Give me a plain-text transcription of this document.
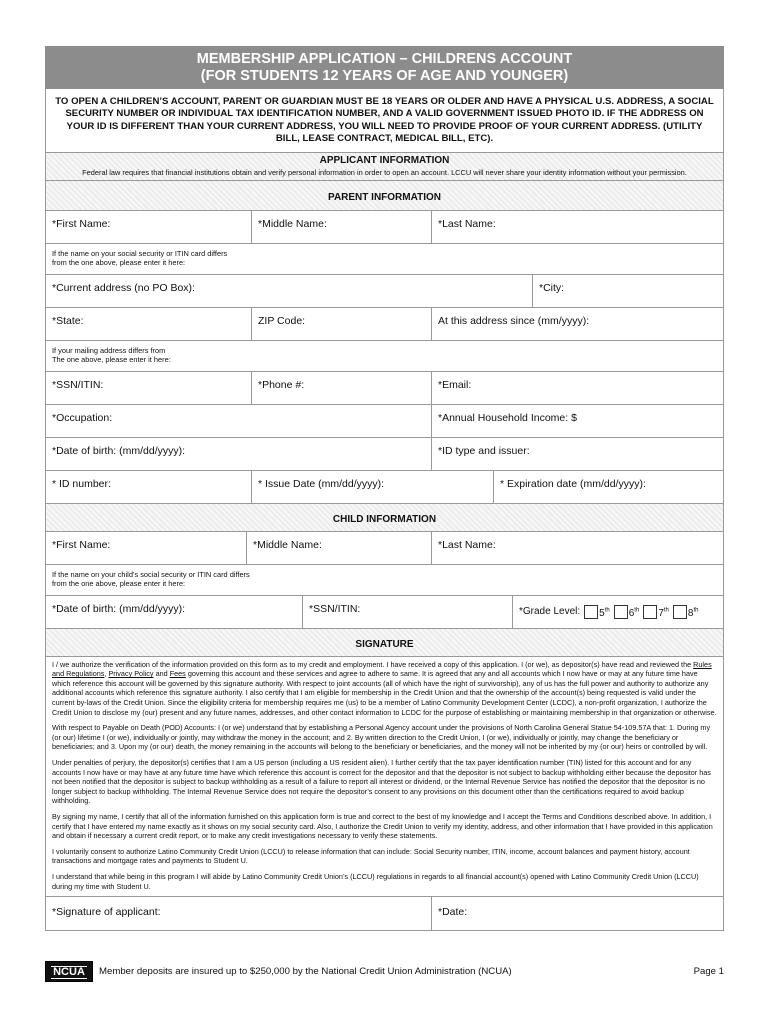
MEMBERSHIP APPLICATION – CHILDRENS ACCOUNT
(FOR STUDENTS 12 YEARS OF AGE AND YOUNGER)
TO OPEN A CHILDREN’S ACCOUNT, PARENT OR GUARDIAN MUST BE 18 YEARS OR OLDER AND HAVE A PHYSICAL U.S. ADDRESS, A SOCIAL SECURITY NUMBER OR INDIVIDUAL TAX IDENTIFICATION NUMBER, AND A VALID GOVERNMENT ISSUED PHOTO ID. IF THE ADDRESS ON YOUR ID IS DIFFERENT THAN YOUR CURRENT ADDRESS, YOU WILL NEED TO PROVIDE PROOF OF YOUR CURRENT ADDRESS. (UTILITY BILL, LEASE CONTRACT, MEDICAL BILL, ETC).
APPLICANT INFORMATION
Federal law requires that financial institutions obtain and verify personal information in order to open an account. LCCU will never share your identity information without your permission.
PARENT INFORMATION
*First Name:	*Middle Name:	*Last Name:
If the name on your social security or ITIN card differs
from the one above, please enter it here:
*Current address (no PO Box):	*City:
*State:	ZIP Code:	At this address since (mm/yyyy):
If your mailing address differs from
The one above, please enter it here:
*SSN/ITIN:	*Phone #:	*Email:
*Occupation:	*Annual Household Income: $
*Date of birth: (mm/dd/yyyy):	*ID type and issuer:
* ID number:	* Issue Date (mm/dd/yyyy):	* Expiration date (mm/dd/yyyy):
CHILD INFORMATION
*First Name:	*Middle Name:	*Last Name:
If the name on your child’s social security or ITIN card differs
from the one above, please enter it here:
*Date of birth: (mm/dd/yyyy):	*SSN/ITIN:	*Grade Level:	5th	6th	7th	8th
SIGNATURE

I / we authorize the verification of the information provided on this form as to my credit and employment. I have received a copy of this application. I (or we), as depositor(s) have read and reviewed the Rules and Regulations, Privacy Policy and Fees governing this account and these services and agree to adhere to same. It is agreed that any and all accounts which I now have or may at any future time have which reference this account will be governed by this signature authority. With respect to joint accounts (all of which have the right of survivorship), any of us has the full power and authority to authorize any additional accounts which reference this signature authority. I also certify that I am eligible for membership in the Credit Union and that the ownership of the account(s) being requested is valid under the current by-laws of the Credit Union. Since the eligibility criteria for membership requires me (us) to be a member of Latino Community Development Center (LCDC), a non-profit organization, I authorize the Credit Union to disclose my (our) present and any future names, addresses, and other contact information to LCDC for the purpose of establishing or maintaining membership in that organization or otherwise.

With respect to Payable on Death (POD) Accounts: I (or we) understand that by establishing a Personal Agency account under the provisions of North Carolina General Statue 54-109.57A that: 1. During my (or our) lifetime I (or we), individually or jointly, may withdraw the money in the account; and 2. By written direction to the Credit Union, I (or we), individually or jointly, may change the beneficiary or beneficiaries; and 3. Upon my (or our) death, the money remaining in the accounts will belong to the beneficiary or beneficiaries, and the money will not be inherited by my (or our) heirs or controlled by will.

Under penalties of perjury, the depositor(s) certifies that I am a US person (including a US resident alien). I further certify that the tax payer identification number (TIN) listed for this account and for any accounts I now have or may have at any future time have which reference this account is correct for the depositor and that the depositor is not subject to backup withholding either because the depositor has not been notified that the depositor is subject to backup withholding as a result of a failure to report all interest or dividend, or the Internal Revenue Service has notified the depositor that the depositor is no longer subject to backup withholding. The Internal Revenue Service does not require the depositor’s consent to any provisions on this document other than the certifications required to avoid backup withholding.

By signing my name, I certify that all of the information furnished on this application form is true and correct to the best of my knowledge and I accept the Terms and Conditions described above. In addition, I certify that I have entered my name exactly as it shows on my social security card. Also, I authorize the Credit Union to verify my identity, address, and other information that I have provided in this application and obtain if necessary a current credit report, or to make any credit investigations necessary to verify these statements.

I voluntarily consent to authorize Latino Community Credit Union (LCCU) to release information that can include: Social Security number, ITIN, income, account balances and payment history, account transactions and mortgage rates and payments to Student U.

I understand that while being in this program I will abide by Latino Community Credit Union’s (LCCU) regulations in regards to all financial account(s) opened with Latino Community Credit Union (LCCU) during my time with Student U.

*Signature of applicant:	*Date:
NCUA	Member deposits are insured up to $250,000 by the National Credit Union Administration (NCUA)	Page 1
